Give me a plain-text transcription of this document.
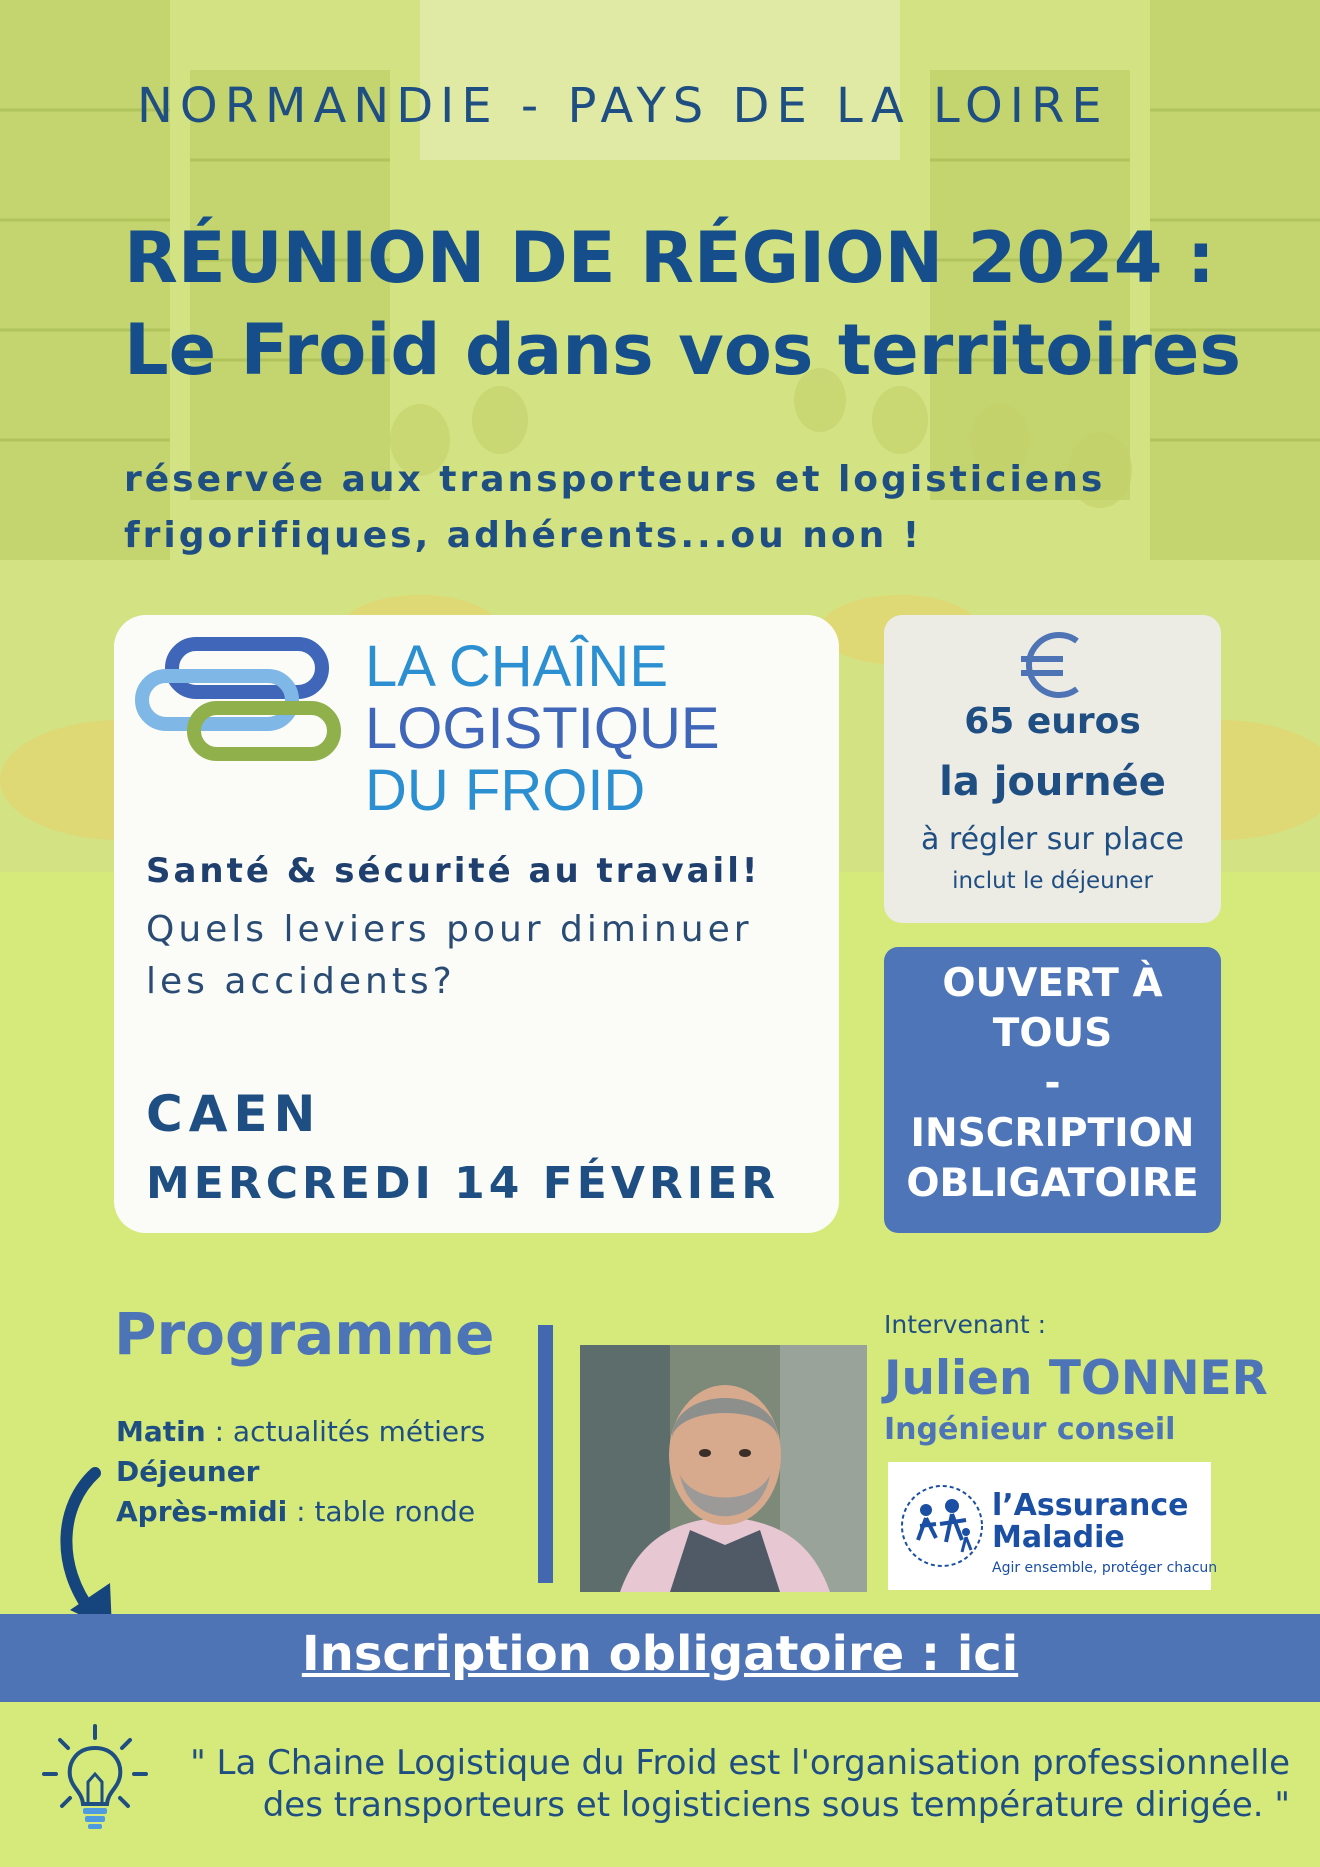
NORMANDIE - PAYS DE LA LOIRE
RÉUNION DE RÉGION 2024 :
Le Froid dans vos territoires
réservée aux transporteurs et logisticiens
frigorifiques, adhérents...ou non !
LA CHAÎNE
LOGISTIQUE
DU FROID
Santé & sécurité au travail!
Quels leviers pour diminuer
les accidents?
CAEN
MERCREDI 14 FÉVRIER
65 euros
la journée
à régler sur place
inclut le déjeuner
OUVERT À
TOUS
-
INSCRIPTION
OBLIGATOIRE
Programme
Matin : actualités métiers
Déjeuner
Après-midi : table ronde
Intervenant :
Julien TONNER
Ingénieur conseil
l’Assurance
Maladie
Agir ensemble, protéger chacun
Inscription obligatoire : ici
" La Chaine Logistique du Froid est l'organisation professionnelle
des transporteurs et logisticiens sous température dirigée. "
